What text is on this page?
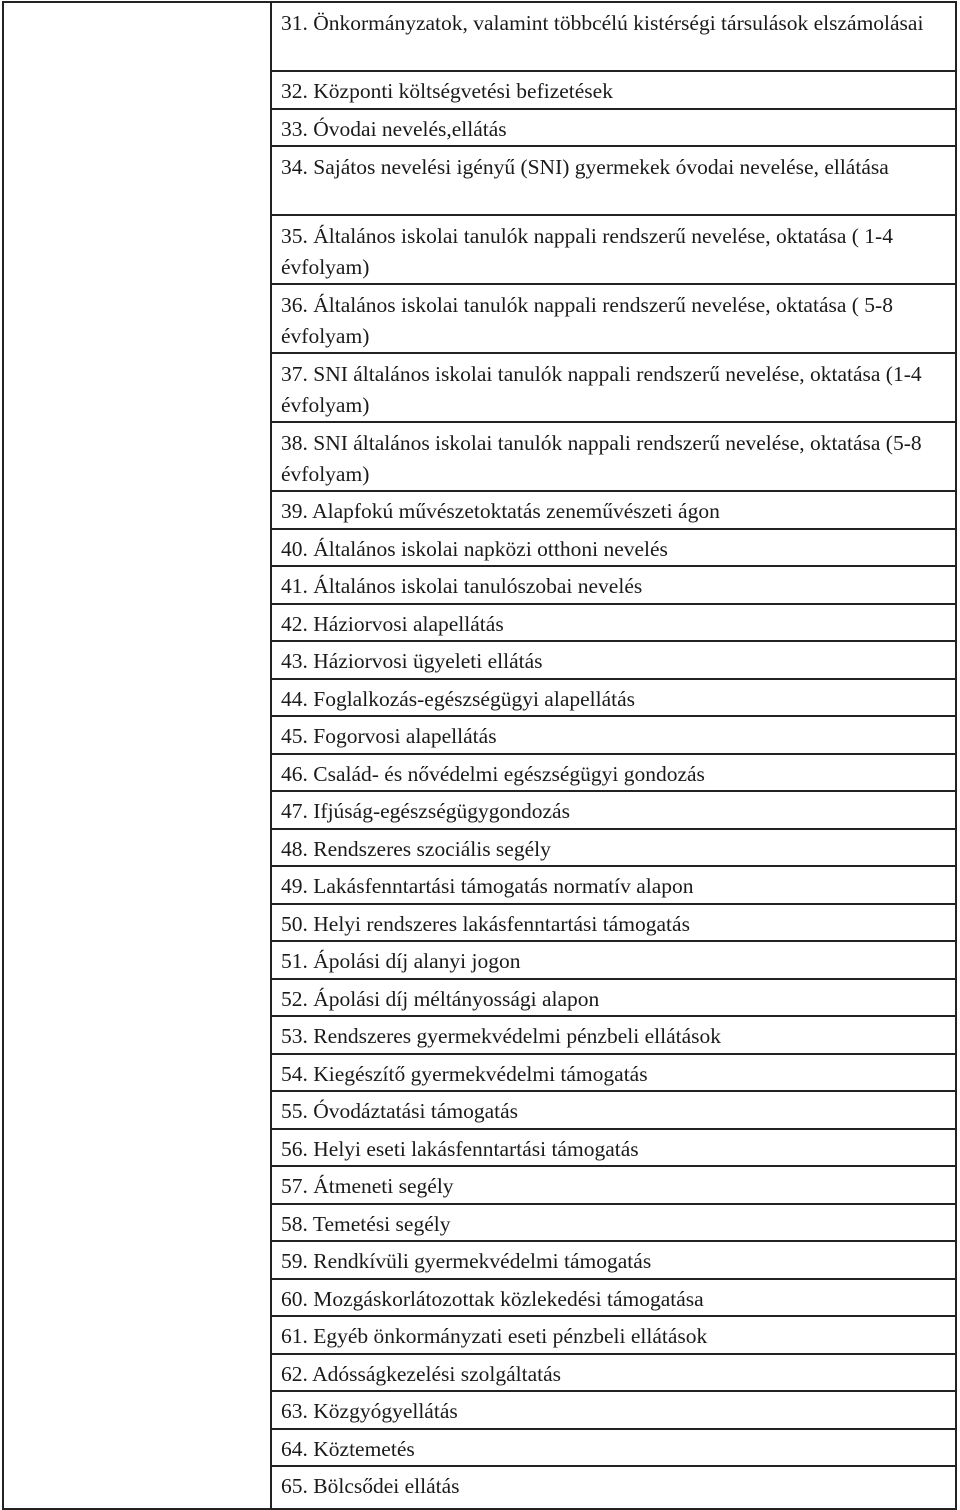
31. Önkormányzatok, valamint többcélú kistérségi társulások elszámolásai
32. Központi költségvetési befizetések
33. Óvodai nevelés,ellátás
34. Sajátos nevelési igényű (SNI) gyermekek óvodai nevelése, ellátása
35. Általános iskolai tanulók nappali rendszerű nevelése, oktatása ( 1-4 évfolyam)
36. Általános iskolai tanulók nappali rendszerű nevelése, oktatása ( 5-8 évfolyam)
37. SNI általános iskolai tanulók nappali rendszerű nevelése, oktatása (1-4 évfolyam)
38. SNI általános iskolai tanulók nappali rendszerű nevelése, oktatása (5-8 évfolyam)
39. Alapfokú művészetoktatás zeneművészeti ágon
40. Általános iskolai napközi otthoni nevelés
41. Általános iskolai tanulószobai nevelés
42. Háziorvosi alapellátás
43. Háziorvosi ügyeleti ellátás
44. Foglalkozás-egészségügyi alapellátás
45. Fogorvosi alapellátás
46. Család- és nővédelmi egészségügyi gondozás
47. Ifjúság-egészségügygondozás
48. Rendszeres szociális segély
49. Lakásfenntartási támogatás normatív alapon
50. Helyi rendszeres lakásfenntartási támogatás
51. Ápolási díj alanyi jogon
52. Ápolási díj méltányossági alapon
53. Rendszeres gyermekvédelmi pénzbeli ellátások
54. Kiegészítő gyermekvédelmi támogatás
55. Óvodáztatási támogatás
56. Helyi eseti lakásfenntartási támogatás
57. Átmeneti segély
58. Temetési segély
59. Rendkívüli gyermekvédelmi támogatás
60. Mozgáskorlátozottak közlekedési támogatása
61. Egyéb önkormányzati eseti pénzbeli ellátások
62. Adósságkezelési szolgáltatás
63. Közgyógyellátás
64. Köztemetés
65. Bölcsődei ellátás
